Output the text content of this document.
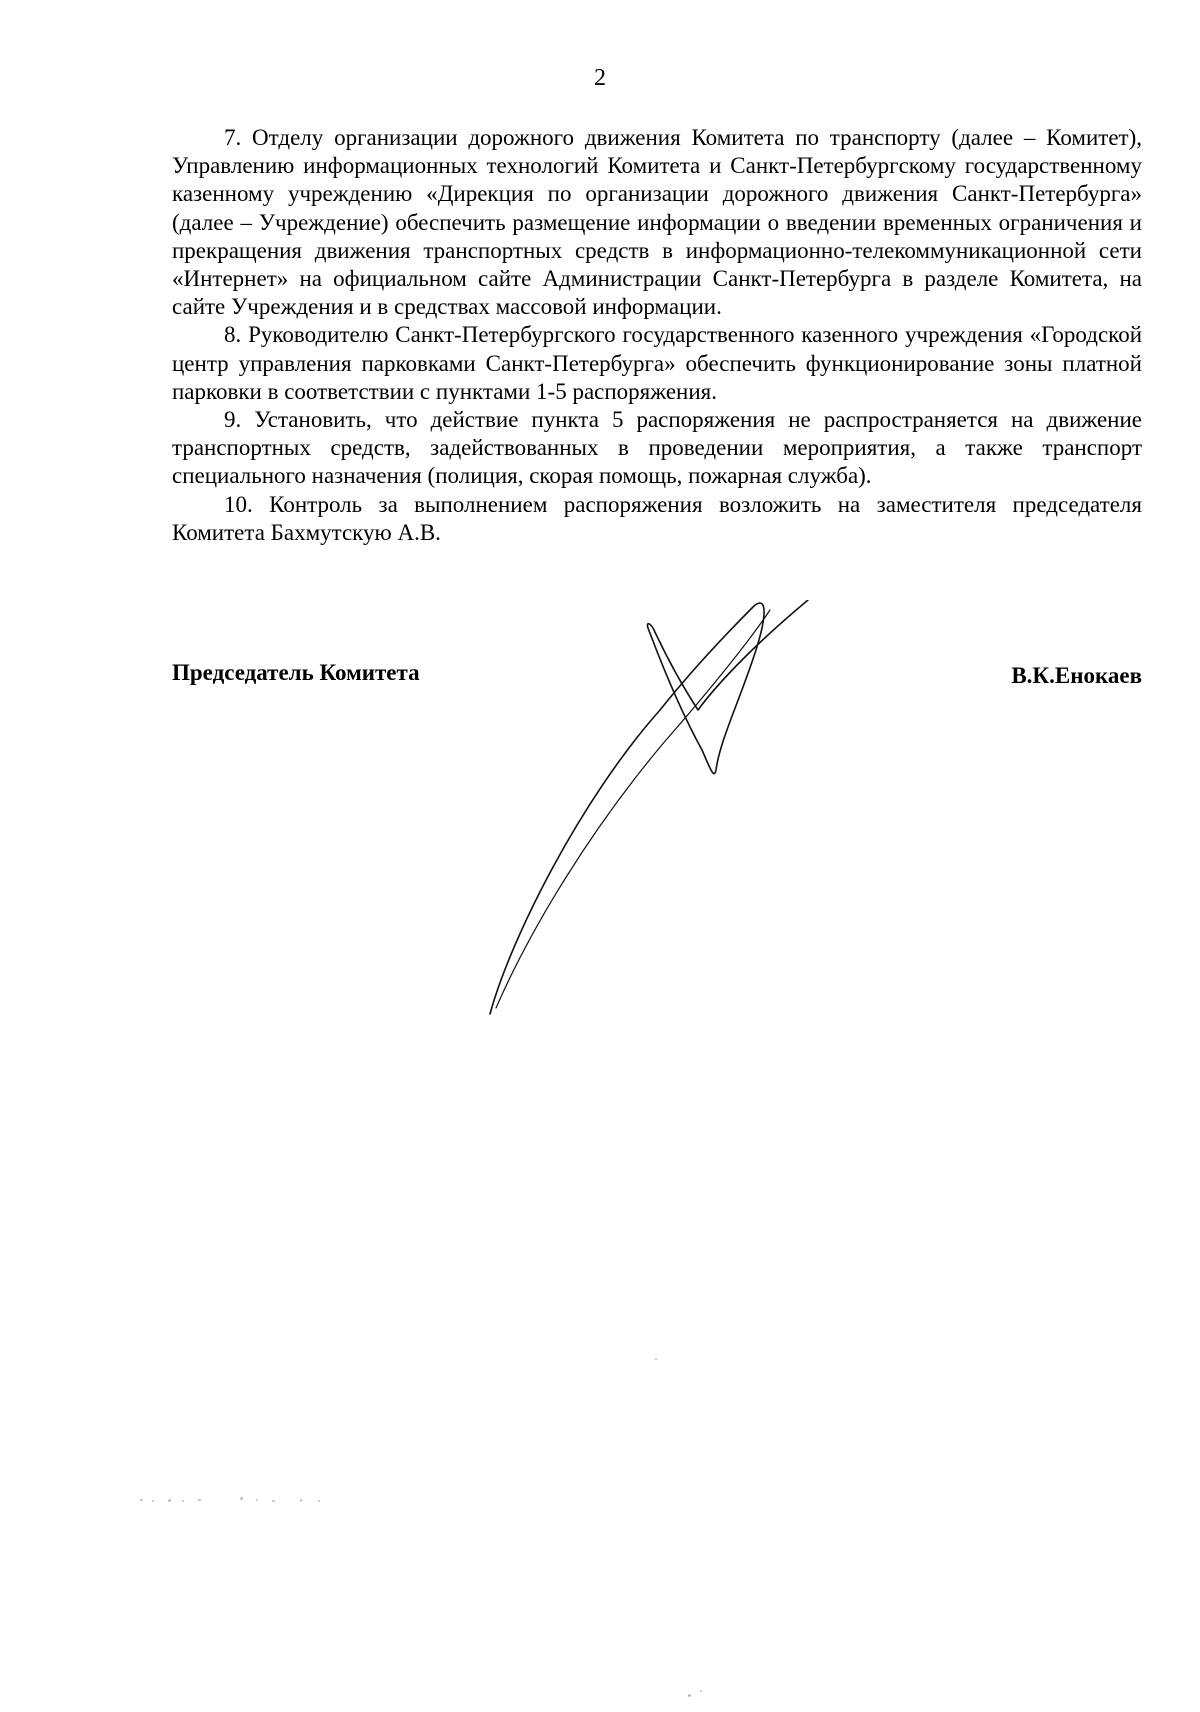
2

7. Отделу организации дорожного движения Комитета по транспорту (далее – Комитет), Управлению информационных технологий Комитета и Санкт-Петербургскому государственному казенному учреждению «Дирекция по организации дорожного движения Санкт-Петербурга» (далее – Учреждение) обеспечить размещение информации о введении временных ограничения и прекращения движения транспортных средств в информационно-телекоммуникационной сети «Интернет» на официальном сайте Администрации Санкт-Петербурга в разделе Комитета, на сайте Учреждения и в средствах массовой информации.

8. Руководителю Санкт-Петербургского государственного казенного учреждения «Городской центр управления парковками Санкт-Петербурга» обеспечить функционирование зоны платной парковки в соответствии с пунктами 1-5 распоряжения.

9. Установить, что действие пункта 5 распоряжения не распространяется на движение транспортных средств, задействованных в проведении мероприятия, а также транспорт специального назначения (полиция, скорая помощь, пожарная служба).

10. Контроль за выполнением распоряжения возложить на заместителя председателя Комитета Бахмутскую А.В.

Председатель Комитета	В.К.Енокаев
